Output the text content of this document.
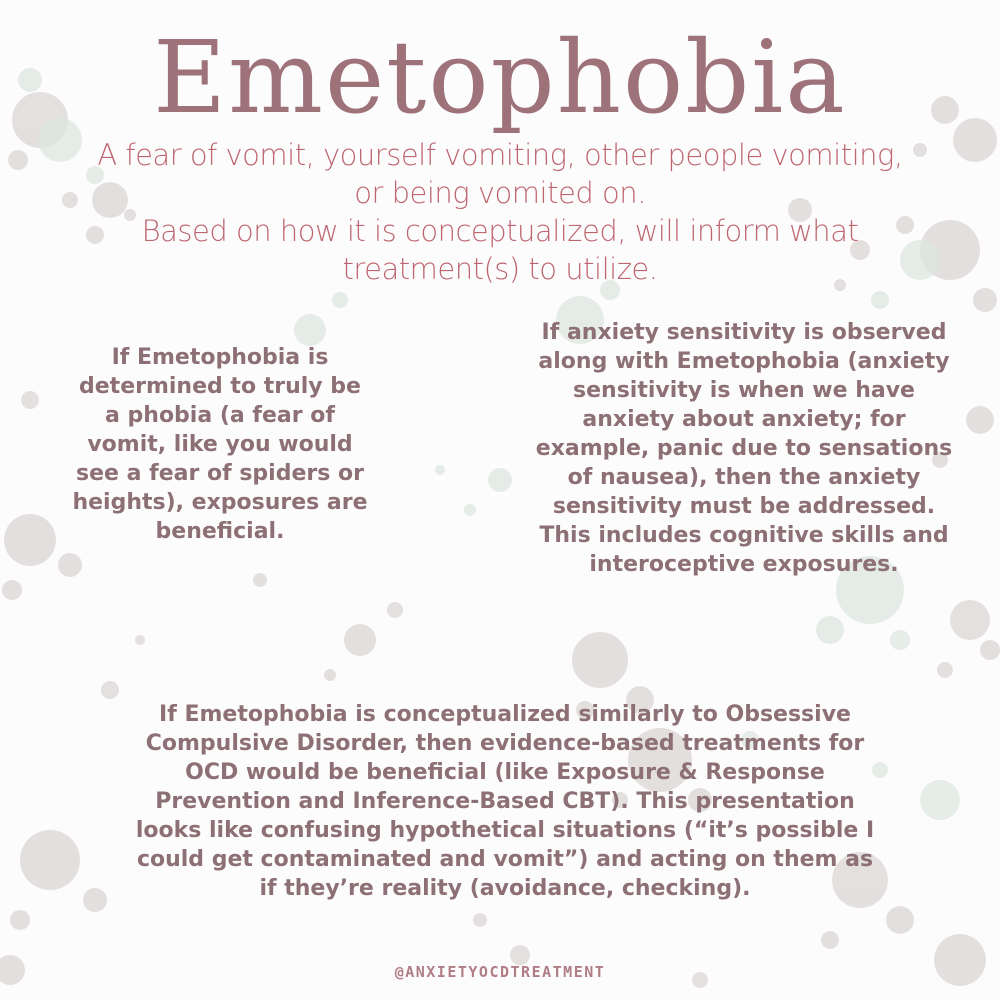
Emetophobia

A fear of vomit, yourself vomiting, other people vomiting, or being vomited on.

Based on how it is conceptualized, will inform what treatment(s) to utilize.

If Emetophobia is determined to truly be a phobia (a fear of vomit, like you would see a fear of spiders or heights), exposures are beneficial.
If anxiety sensitivity is observed along with Emetophobia (anxiety sensitivity is when we have anxiety about anxiety; for example, panic due to sensations of nausea), then the anxiety sensitivity must be addressed. This includes cognitive skills and interoceptive exposures.
If Emetophobia is conceptualized similarly to Obsessive Compulsive Disorder, then evidence-based treatments for OCD would be beneficial (like Exposure & Response Prevention and Inference-Based CBT). This presentation looks like confusing hypothetical situations (“it’s possible I could get contaminated and vomit”) and acting on them as if they’re reality (avoidance, checking).
@ANXIETYOCDTREATMENT
